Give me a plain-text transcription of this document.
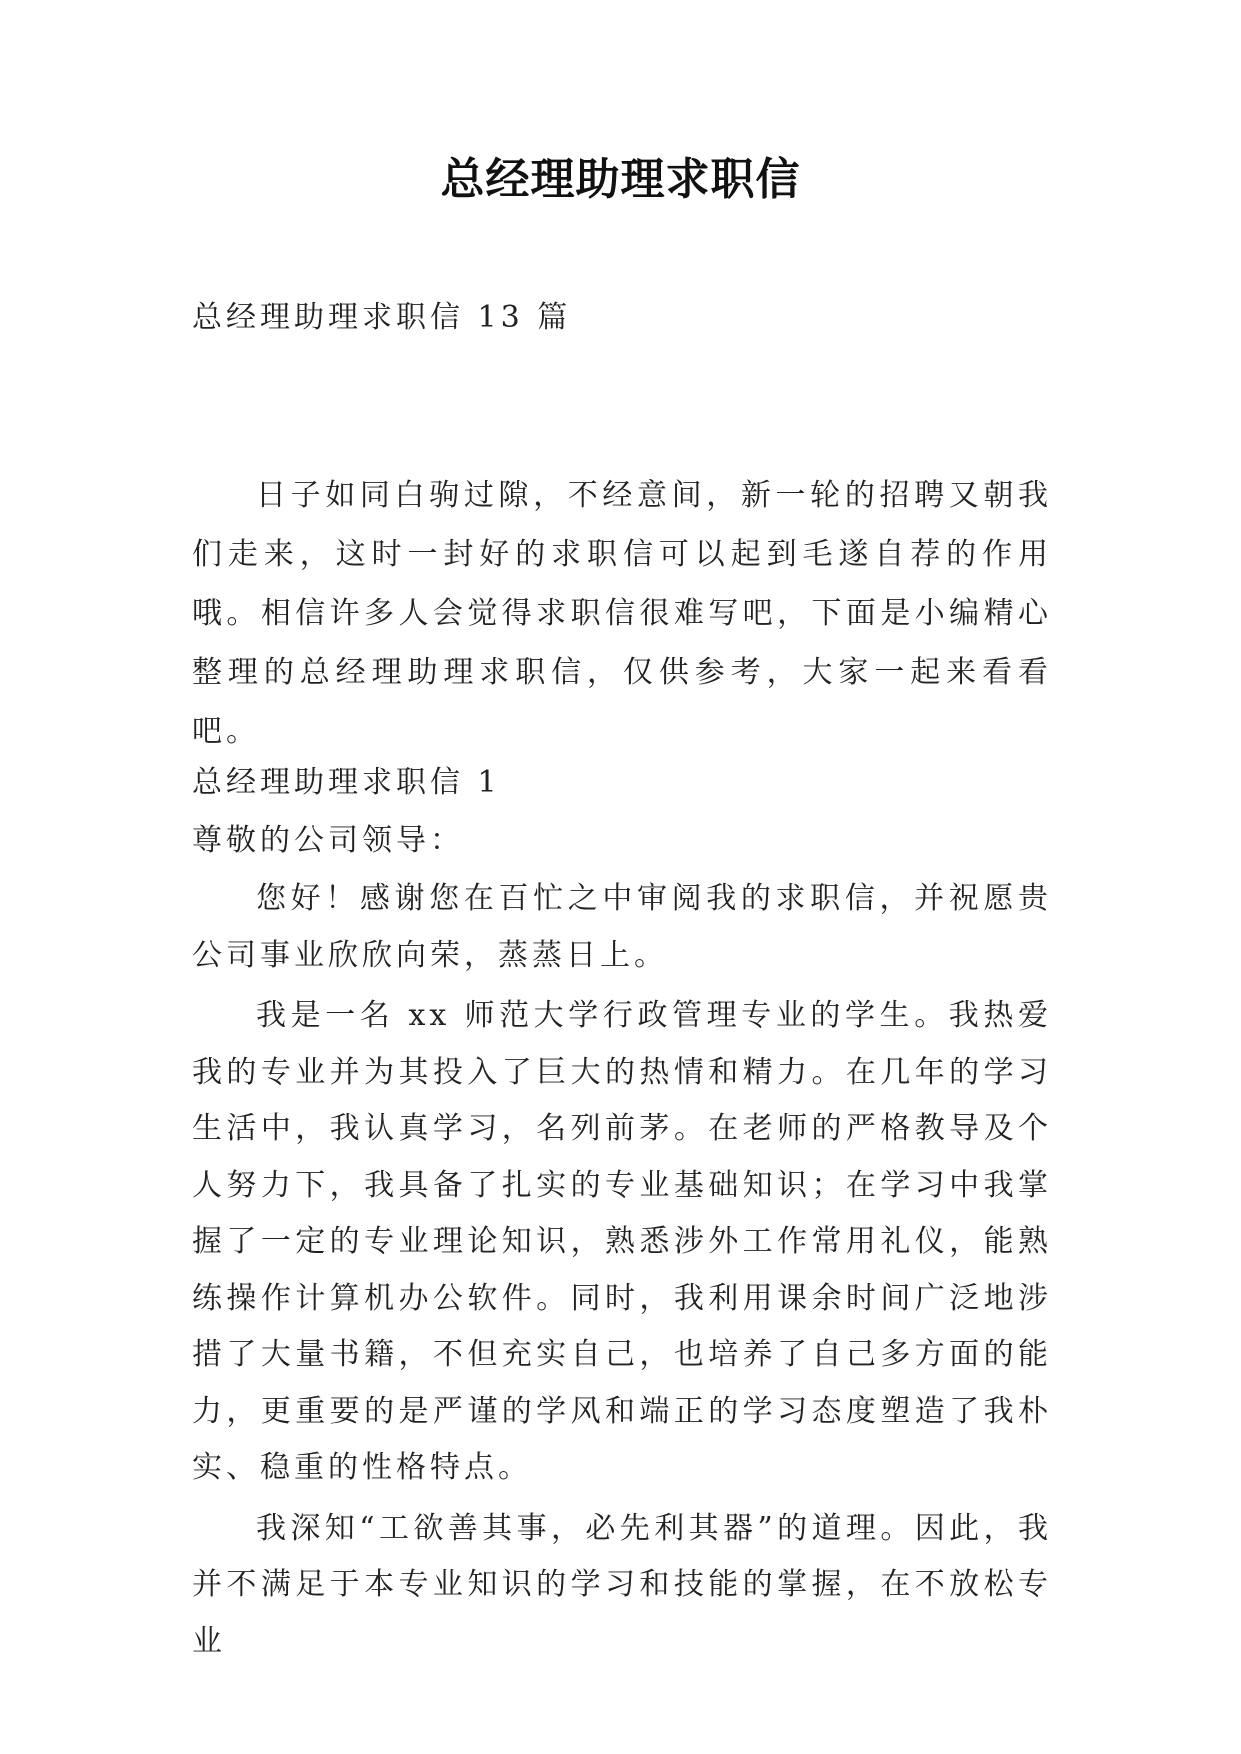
总经理助理求职信
总经理助理求职信 13 篇

日子如同白驹过隙，不经意间，新一轮的招聘又朝我们走来，这时一封好的求职信可以起到毛遂自荐的作用哦。相信许多人会觉得求职信很难写吧，下面是小编精心整理的总经理助理求职信，仅供参考，大家一起来看看吧。

总经理助理求职信 1

尊敬的公司领导：

您好！感谢您在百忙之中审阅我的求职信，并祝愿贵公司事业欣欣向荣，蒸蒸日上。

我是一名 xx 师范大学行政管理专业的学生。我热爱我的专业并为其投入了巨大的热情和精力。在几年的学习生活中，我认真学习，名列前茅。在老师的严格教导及个人努力下，我具备了扎实的专业基础知识；在学习中我掌握了一定的专业理论知识，熟悉涉外工作常用礼仪，能熟练操作计算机办公软件。同时，我利用课余时间广泛地涉措了大量书籍，不但充实自己，也培养了自己多方面的能力，更重要的是严谨的学风和端正的学习态度塑造了我朴实、稳重的性格特点。

我深知“工欲善其事，必先利其器”的道理。因此，我并不满足于本专业知识的学习和技能的掌握，在不放松专业
